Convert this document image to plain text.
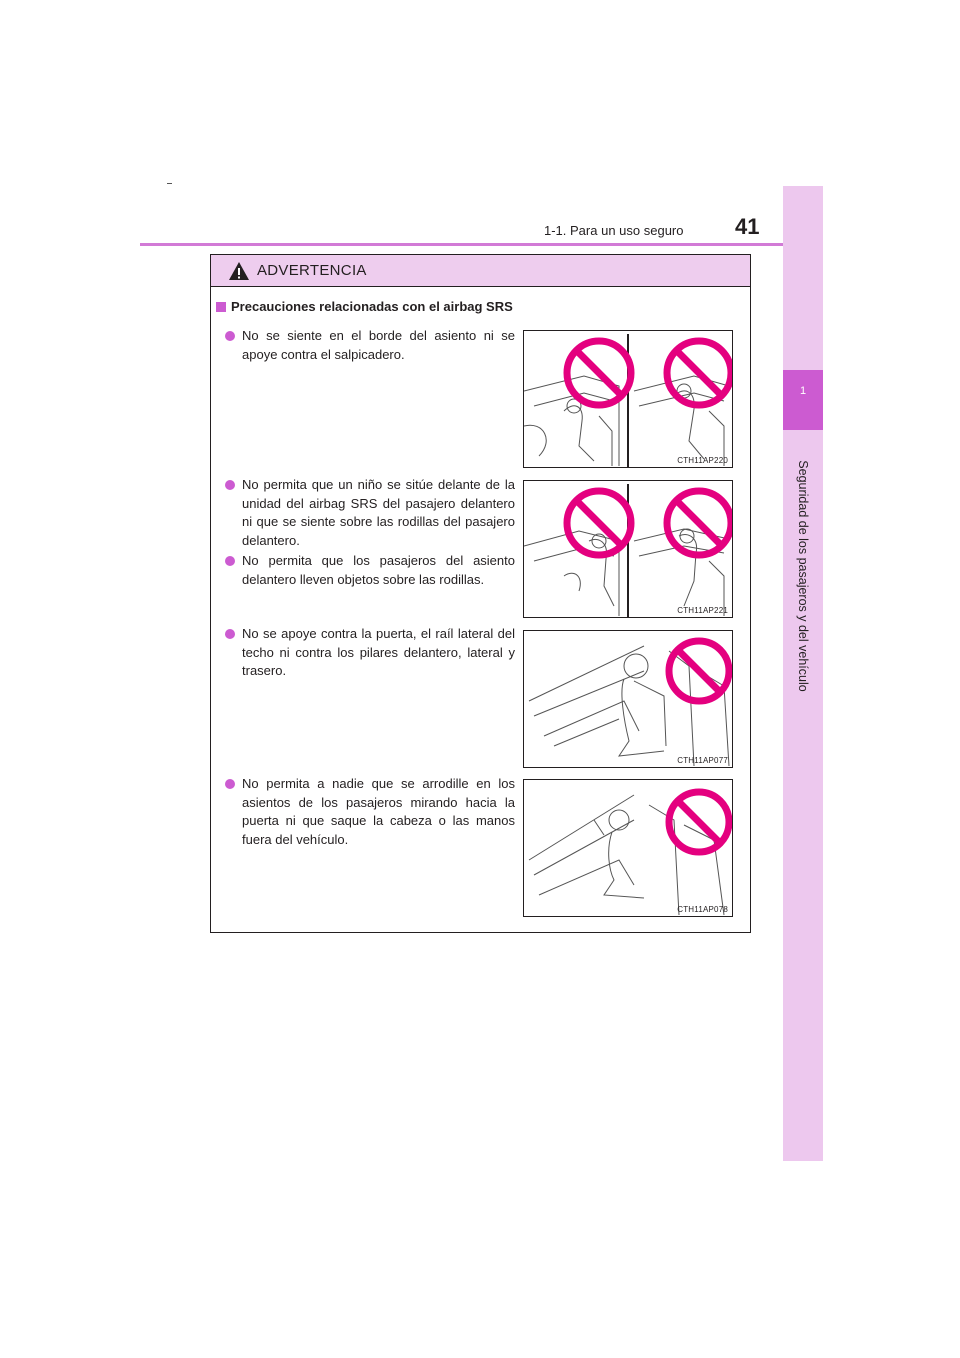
1-1. Para un uso seguro 41
1
Seguridad de los pasajeros y del vehículo
ADVERTENCIA
Precauciones relacionadas con el airbag SRS
No se siente en el borde del asiento ni se apoye contra el salpicadero.
No permita que un niño se sitúe delante de la unidad del airbag SRS del pasajero delantero ni que se siente sobre las rodillas del pasajero delantero.
No permita que los pasajeros del asiento delantero lleven objetos sobre las rodillas.
No se apoye contra la puerta, el raíl lateral del techo ni contra los pilares delantero, lateral y trasero.
No permita a nadie que se arrodille en los asientos de los pasajeros mirando hacia la puerta ni que saque la cabeza o las manos fuera del vehículo.
CTH11AP220
CTH11AP221
CTH11AP077
CTH11AP078
